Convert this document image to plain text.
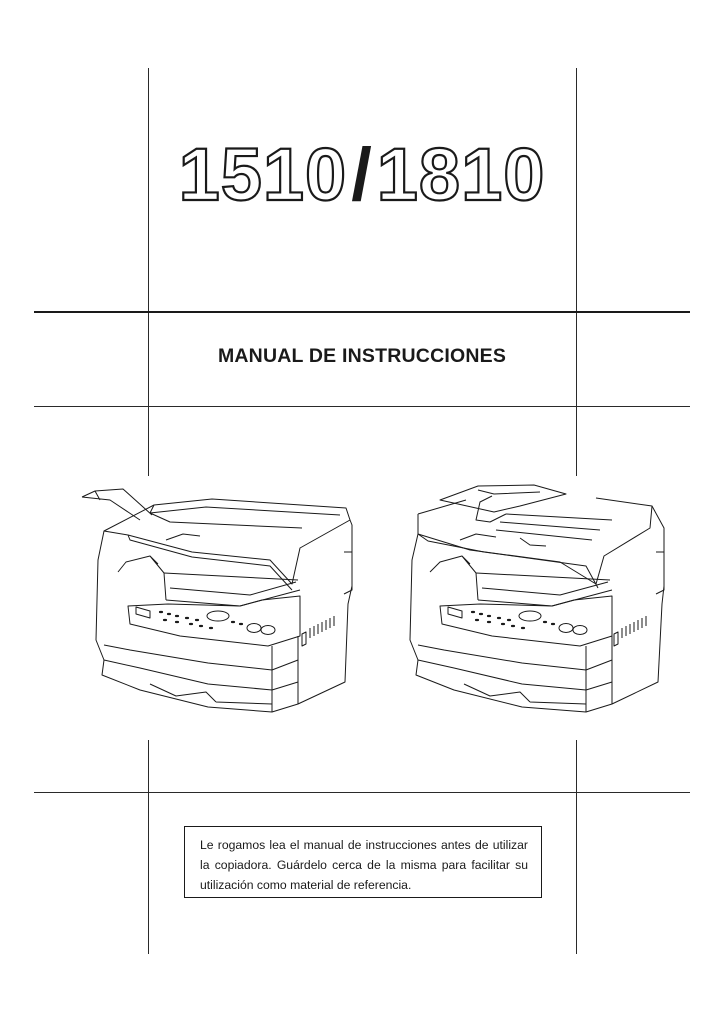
1510/1810
MANUAL DE INSTRUCCIONES
Le rogamos lea el manual de instrucciones antes de utilizar la copiadora. Guárdelo cerca de la misma para facilitar su utilización como material de referencia.
